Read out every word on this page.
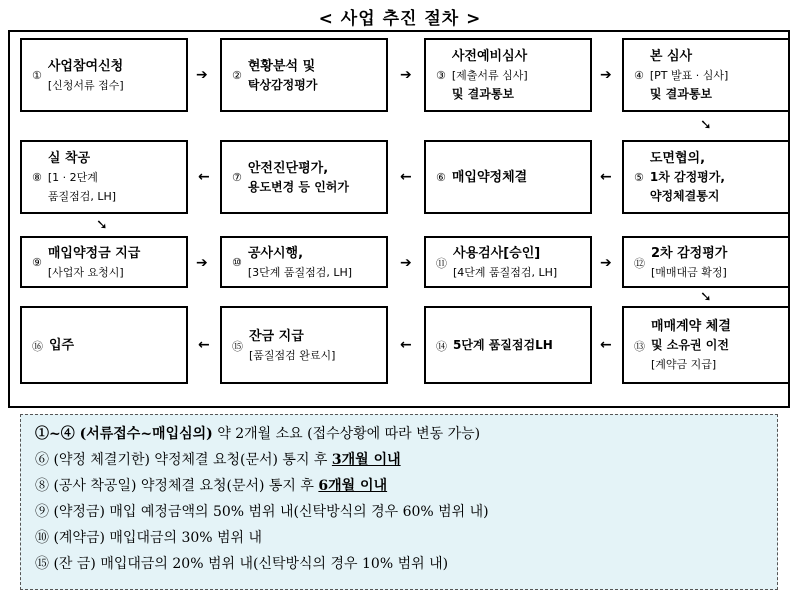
< 사업 추진 절차 >
①
사업참여신청
[신청서류 접수]
②
현황분석 및
탁상감정평가
③
사전예비심사
[제출서류 심사]
및 결과통보
④
본 심사
[PT 발표 · 심사]
및 결과통보
⑧
실 착공
[1 · 2단계
품질점검, LH]
⑦
안전진단평가,
용도변경 등 인허가
⑥ 매입약정체결	⑤
도면협의,
1차 감정평가,
약정체결통지
⑨
매입약정금 지급
[사업자 요청시]
⑩
공사시행,
[3단계 품질점검, LH]
⑪
사용검사[승인]
[4단계 품질점검, LH]
⑫
2차 감정평가
[매매대금 확정]
⑯ 입주	⑮
잔금 지급
[품질점검 완료시]
⑭ 5단계 품질점검LH	⑬
매매계약 체결
및 소유권 이전
[계약금 지급]
➔	➔	➔
➘
←
←
←
➘
➔	➔	➔
➘
←
←
←
①~④ (서류접수~매입심의) 약 2개월 소요 (접수상황에 따라 변동 가능)
⑥ (약정 체결기한) 약정체결 요청(문서) 통지 후 3개월 이내
⑧ (공사 착공일) 약정체결 요청(문서) 통지 후 6개월 이내
⑨ (약정금) 매입 예정금액의 50% 범위 내(신탁방식의 경우 60% 범위 내)
⑩ (계약금) 매입대금의 30% 범위 내
⑮ (잔 금) 매입대금의 20% 범위 내(신탁방식의 경우 10% 범위 내)
